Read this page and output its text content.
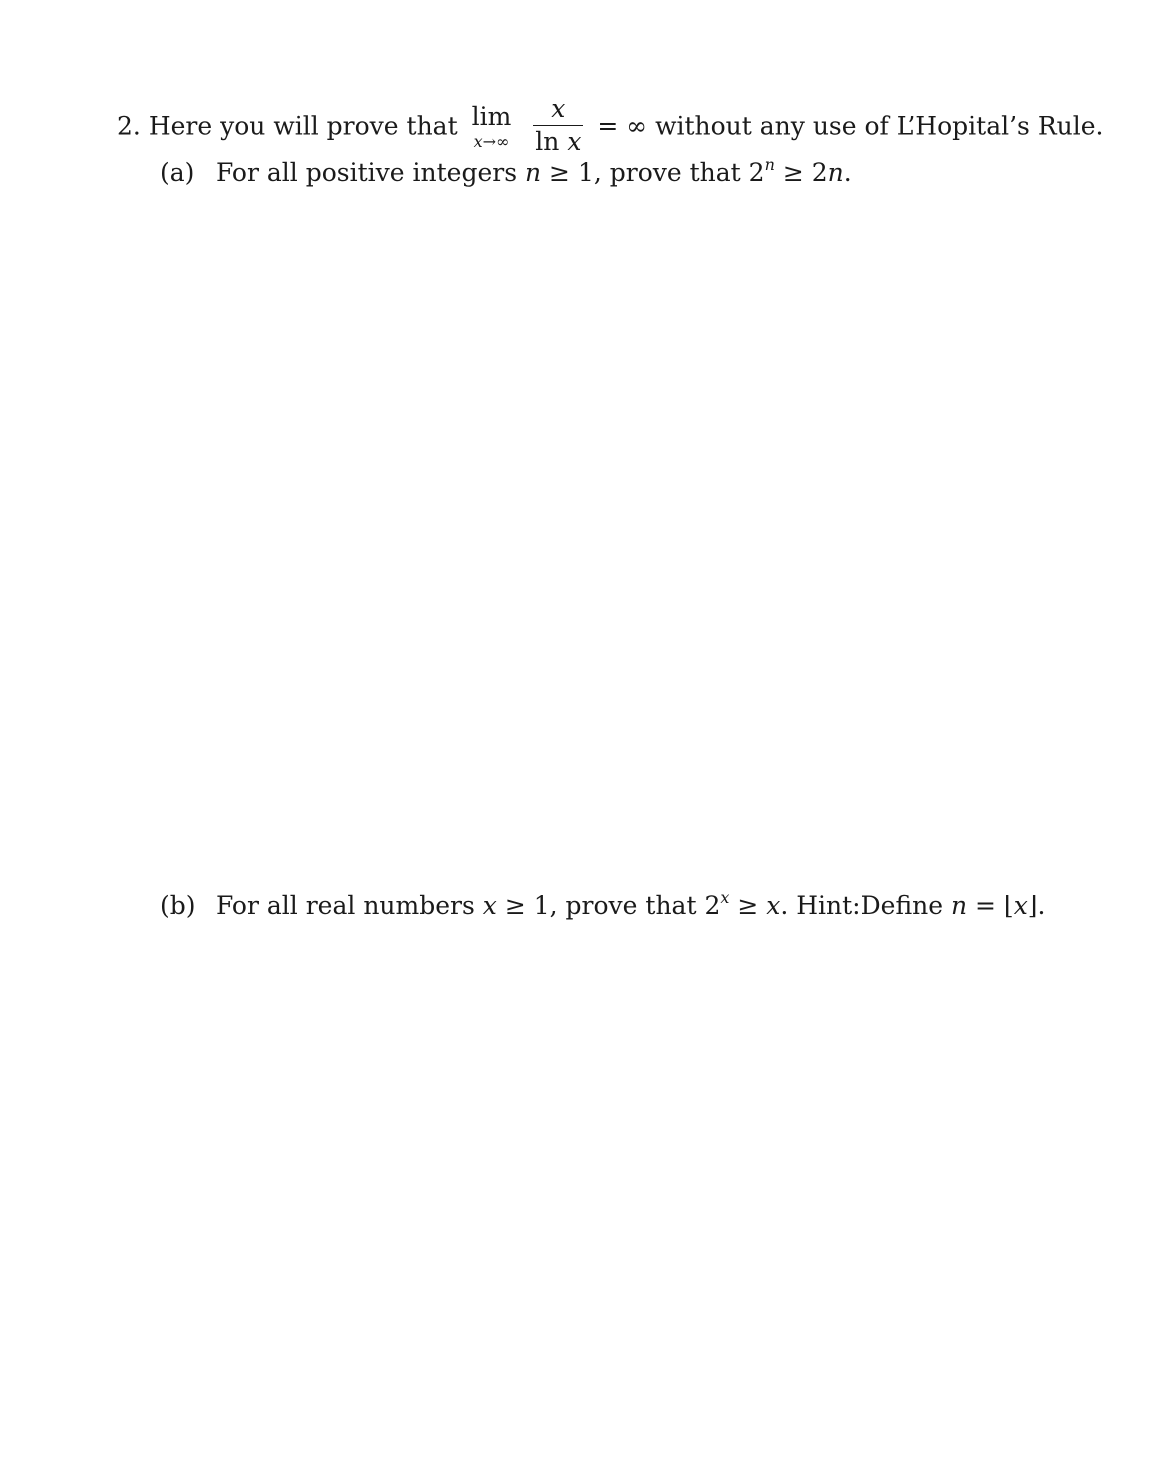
2. Here you will prove that lim
x→∞
$\frac{x}{\text{ln x}}$ = ∞ without any use of L’Hopital’s Rule.
(a) For all positive integers n ≥ 1, prove that $2^n \ge 2n$.
(b) For all real numbers x ≥ 1, prove that $2^x \ge x$. Hint:Define n = ⌊x⌋.
